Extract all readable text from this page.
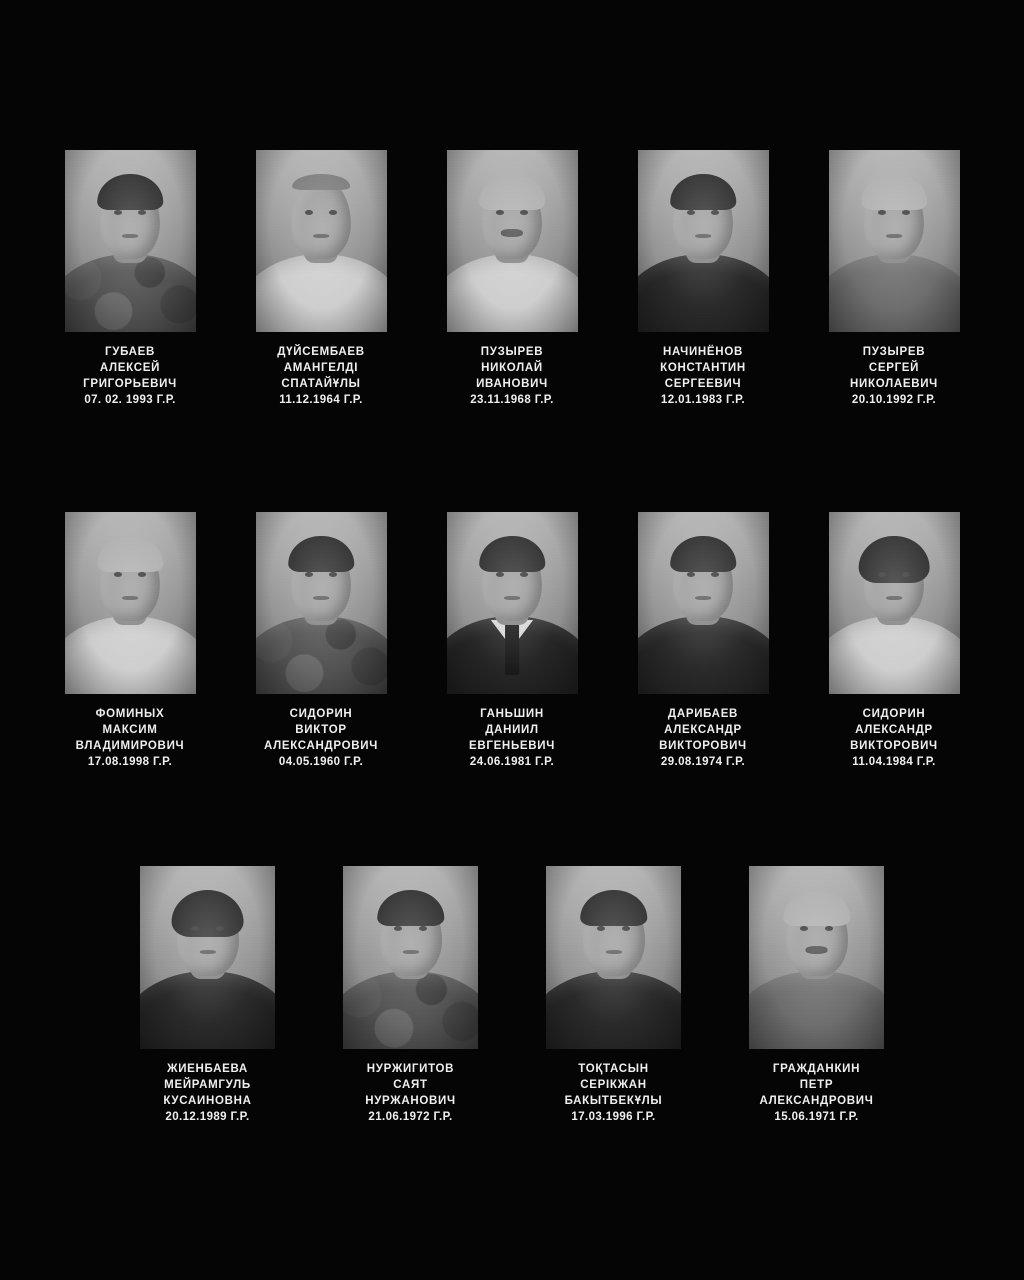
ГУБАЕВ
АЛЕКСЕЙ
ГРИГОРЬЕВИЧ
07. 02. 1993 Г.Р.
ДҮЙСЕМБАЕВ
АМАНГЕЛДІ
СПАТАЙҰЛЫ
11.12.1964 Г.Р.
ПУЗЫРЕВ
НИКОЛАЙ
ИВАНОВИЧ
23.11.1968 Г.Р.
НАЧИНЁНОВ
КОНСТАНТИН
СЕРГЕЕВИЧ
12.01.1983 Г.Р.
ПУЗЫРЕВ
СЕРГЕЙ
НИКОЛАЕВИЧ
20.10.1992 Г.Р.
ФОМИНЫХ
МАКСИМ
ВЛАДИМИРОВИЧ
17.08.1998 Г.Р.
СИДОРИН
ВИКТОР
АЛЕКСАНДРОВИЧ
04.05.1960 Г.Р.
ГАНЬШИН
ДАНИИЛ
ЕВГЕНЬЕВИЧ
24.06.1981 Г.Р.
ДАРИБАЕВ
АЛЕКСАНДР
ВИКТОРОВИЧ
29.08.1974 Г.Р.
СИДОРИН
АЛЕКСАНДР
ВИКТОРОВИЧ
11.04.1984 Г.Р.
ЖИЕНБАЕВА
МЕЙРАМГУЛЬ
КУСАИНОВНА
20.12.1989 Г.Р.
НУРЖИГИТОВ
САЯТ
НУРЖАНОВИЧ
21.06.1972 Г.Р.
ТОҚТАСЫН
СЕРІКЖАН
БАКЫТБЕКҰЛЫ
17.03.1996 Г.Р.
ГРАЖДАНКИН
ПЕТР
АЛЕКСАНДРОВИЧ
15.06.1971 Г.Р.
